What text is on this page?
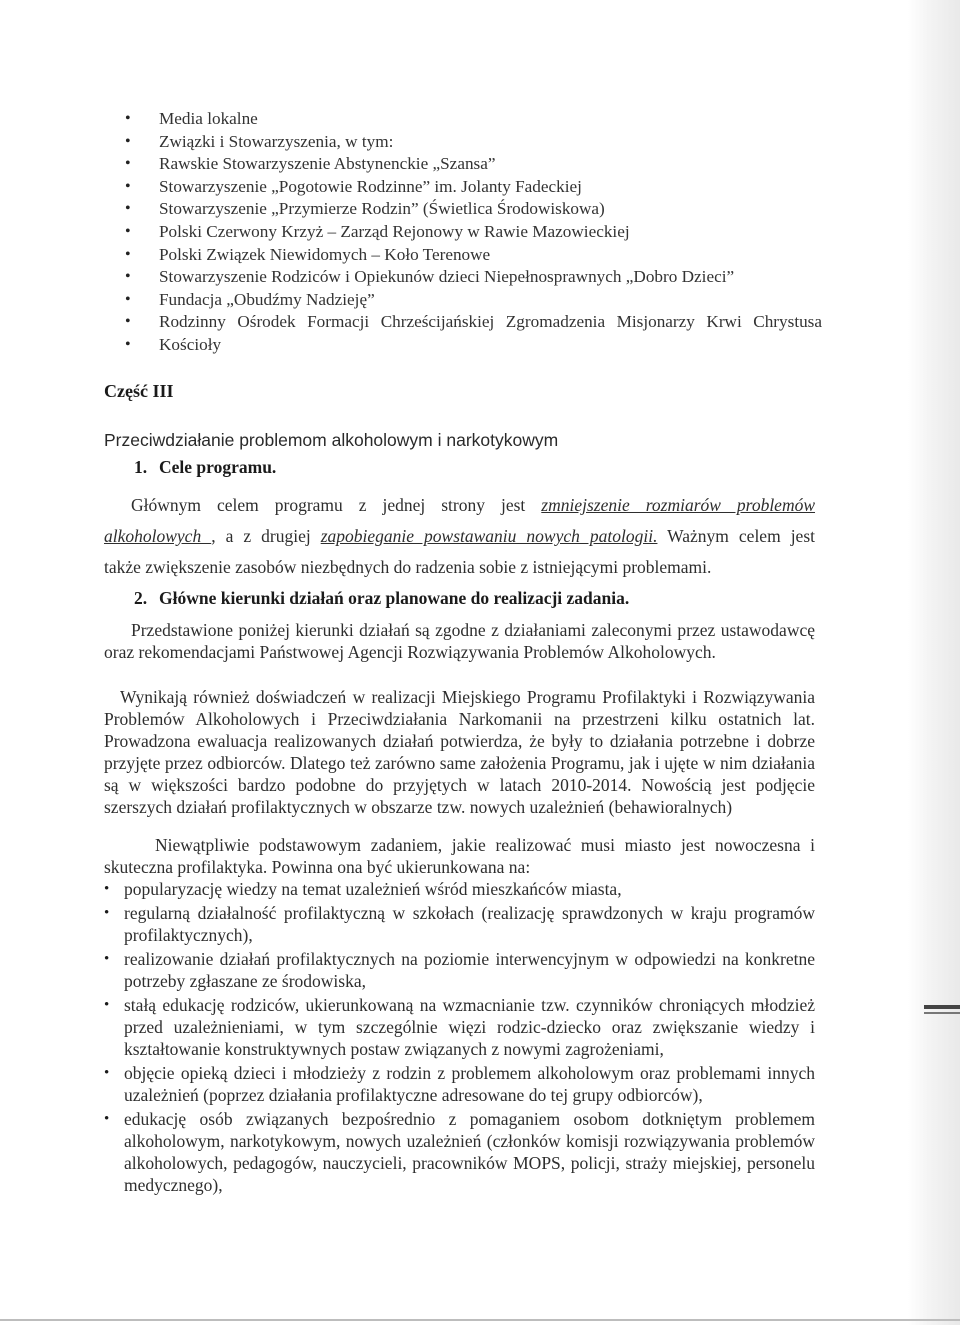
• Media lokalne
• Związki i Stowarzyszenia, w tym:
• Rawskie Stowarzyszenie Abstynenckie „Szansa”
• Stowarzyszenie „Pogotowie Rodzinne” im. Jolanty Fadeckiej
• Stowarzyszenie „Przymierze Rodzin” (Świetlica Środowiskowa)
• Polski Czerwony Krzyż – Zarząd Rejonowy w Rawie Mazowieckiej
• Polski Związek Niewidomych – Koło Terenowe
• Stowarzyszenie Rodziców i Opiekunów dzieci Niepełnosprawnych „Dobro Dzieci”
• Fundacja „Obudźmy Nadzieję”
• Rodzinny Ośrodek Formacji Chrześcijańskiej Zgromadzenia Misjonarzy Krwi Chrystusa
• Kościoły
Część III
Przeciwdziałanie problemom alkoholowym i narkotykowym
1. Cele programu.
Głównym celem programu z jednej strony jest zmniejszenie rozmiarów problemów
alkoholowych , a z drugiej zapobieganie powstawaniu nowych patologii. Ważnym celem jest
także zwiększenie zasobów niezbędnych do radzenia sobie z istniejącymi problemami.
2. Główne kierunki działań oraz planowane do realizacji zadania.
Przedstawione poniżej kierunki działań są zgodne z działaniami zaleconymi przez ustawodawcę oraz rekomendacjami Państwowej Agencji Rozwiązywania Problemów Alkoholowych.
Wynikają również doświadczeń w realizacji Miejskiego Programu Profilaktyki i Rozwiązywania Problemów Alkoholowych i Przeciwdziałania Narkomanii na przestrzeni kilku ostatnich lat. Prowadzona ewaluacja realizowanych działań potwierdza, że były to działania potrzebne i dobrze przyjęte przez odbiorców. Dlatego też zarówno same założenia Programu, jak i ujęte w nim działania są w większości bardzo podobne do przyjętych w latach 2010-2014. Nowością jest podjęcie szerszych działań profilaktycznych w obszarze tzw. nowych uzależnień (behawioralnych)
Niewątpliwie podstawowym zadaniem, jakie realizować musi miasto jest nowoczesna i skuteczna profilaktyka. Powinna ona być ukierunkowana na:
• popularyzację wiedzy na temat uzależnień wśród mieszkańców miasta,
• regularną działalność profilaktyczną w szkołach (realizację sprawdzonych w kraju programów profilaktycznych),
• realizowanie działań profilaktycznych na poziomie interwencyjnym w odpowiedzi na konkretne potrzeby zgłaszane ze środowiska,
• stałą edukację rodziców, ukierunkowaną na wzmacnianie tzw. czynników chroniących młodzież przed uzależnieniami, w tym szczególnie więzi rodzic-dziecko oraz zwiększanie wiedzy i kształtowanie konstruktywnych postaw związanych z nowymi zagrożeniami,
• objęcie opieką dzieci i młodzieży z rodzin z problemem alkoholowym oraz problemami innych uzależnień (poprzez działania profilaktyczne adresowane do tej grupy odbiorców),
• edukację osób związanych bezpośrednio z pomaganiem osobom dotkniętym problemem alkoholowym, narkotykowym, nowych uzależnień (członków komisji rozwiązywania problemów alkoholowych, pedagogów, nauczycieli, pracowników MOPS, policji, straży miejskiej, personelu medycznego),
